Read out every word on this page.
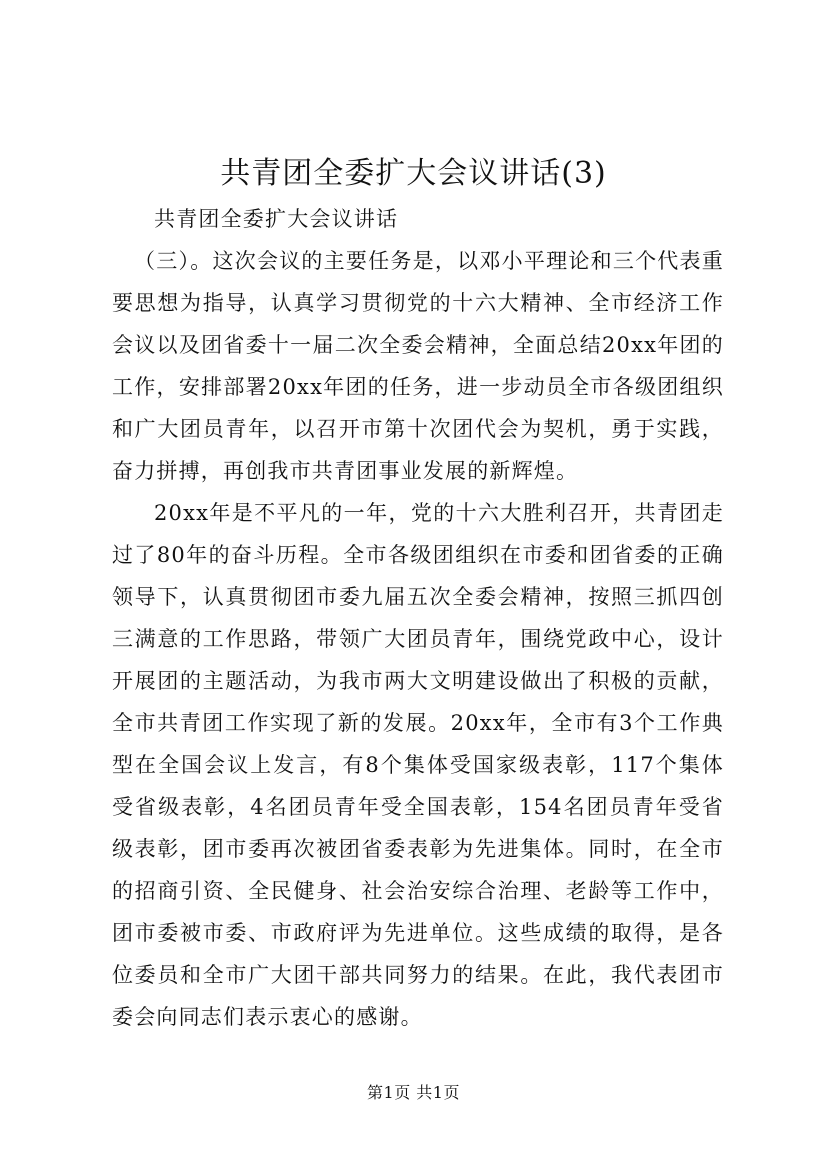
共青团全委扩大会议讲话(3)
共青团全委扩大会议讲话

（三）。这次会议的主要任务是，以邓小平理论和三个代表重要思想为指导，认真学习贯彻党的十六大精神、全市经济工作会议以及团省委十一届二次全委会精神，全面总结20xx年团的工作，安排部署20xx年团的任务，进一步动员全市各级团组织和广大团员青年，以召开市第十次团代会为契机，勇于实践，奋力拼搏，再创我市共青团事业发展的新辉煌。

20xx年是不平凡的一年，党的十六大胜利召开，共青团走过了80年的奋斗历程。全市各级团组织在市委和团省委的正确领导下，认真贯彻团市委九届五次全委会精神，按照三抓四创三满意的工作思路，带领广大团员青年，围绕党政中心，设计开展团的主题活动，为我市两大文明建设做出了积极的贡献，全市共青团工作实现了新的发展。20xx年，全市有3个工作典型在全国会议上发言，有8个集体受国家级表彰，117个集体受省级表彰，4名团员青年受全国表彰，154名团员青年受省级表彰，团市委再次被团省委表彰为先进集体。同时，在全市的招商引资、全民健身、社会治安综合治理、老龄等工作中，团市委被市委、市政府评为先进单位。这些成绩的取得，是各位委员和全市广大团干部共同努力的结果。在此，我代表团市委会向同志们表示衷心的感谢。

第1页 共1页
